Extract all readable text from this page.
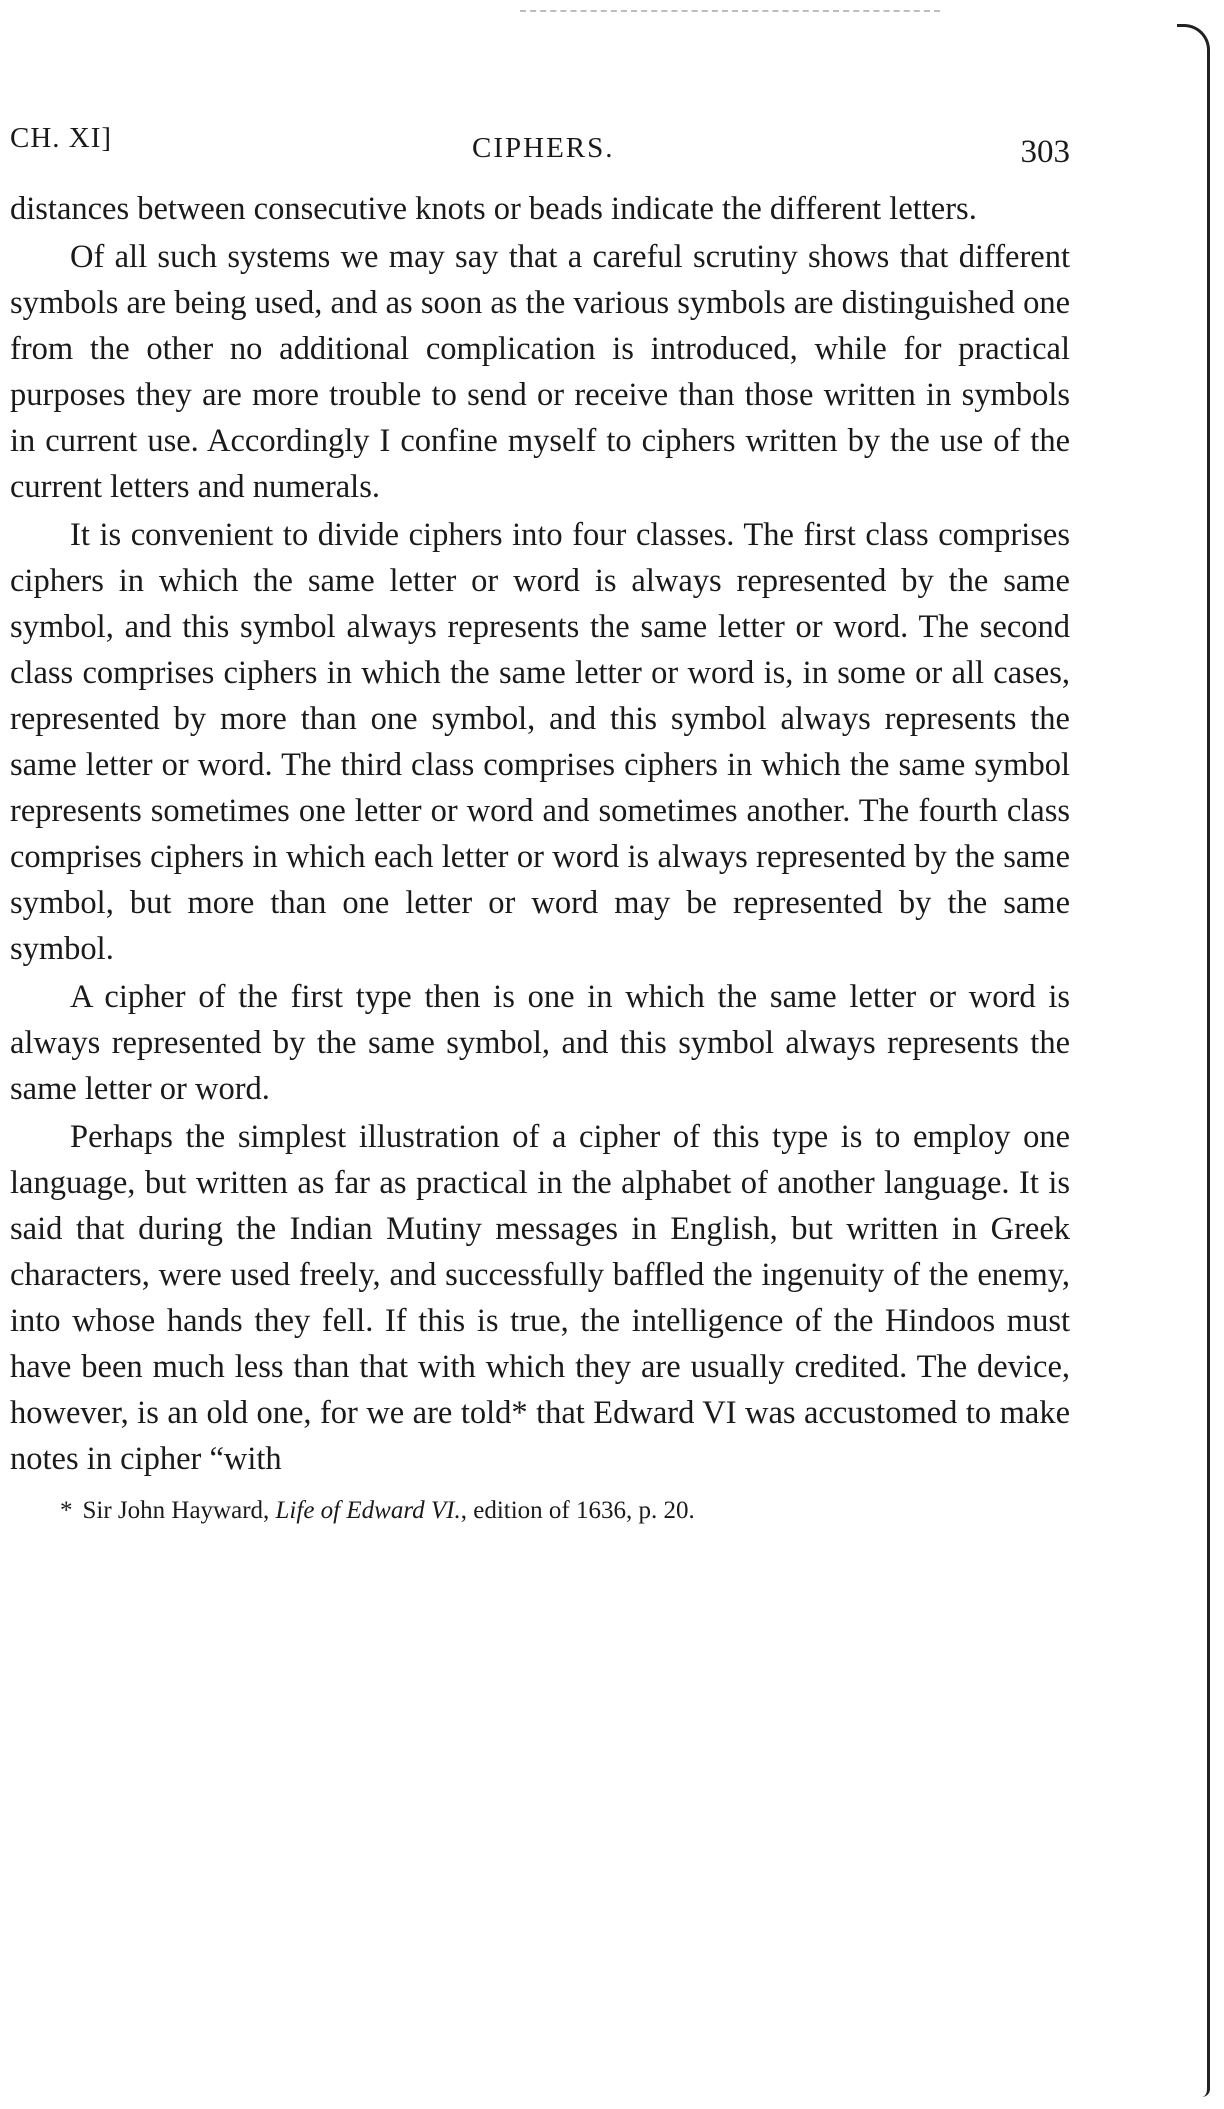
CH. XI]	CIPHERS.	303

distances between consecutive knots or beads indicate the different letters.

Of all such systems we may say that a careful scrutiny shows that different symbols are being used, and as soon as the various symbols are distinguished one from the other no additional complication is introduced, while for practical purposes they are more trouble to send or receive than those written in symbols in current use. Accordingly I confine myself to ciphers written by the use of the current letters and numerals.

It is convenient to divide ciphers into four classes. The first class comprises ciphers in which the same letter or word is always represented by the same symbol, and this symbol always represents the same letter or word. The second class comprises ciphers in which the same letter or word is, in some or all cases, represented by more than one symbol, and this symbol always represents the same letter or word. The third class comprises ciphers in which the same symbol represents sometimes one letter or word and sometimes another. The fourth class comprises ciphers in which each letter or word is always represented by the same symbol, but more than one letter or word may be represented by the same symbol.

A cipher of the first type then is one in which the same letter or word is always represented by the same symbol, and this symbol always represents the same letter or word.

Perhaps the simplest illustration of a cipher of this type is to employ one language, but written as far as practical in the alphabet of another language. It is said that during the Indian Mutiny messages in English, but written in Greek characters, were used freely, and successfully baffled the ingenuity of the enemy, into whose hands they fell. If this is true, the intelligence of the Hindoos must have been much less than that with which they are usually credited. The device, however, is an old one, for we are told* that Edward VI was accustomed to make notes in cipher “with

* Sir John Hayward, Life of Edward VI., edition of 1636, p. 20.
